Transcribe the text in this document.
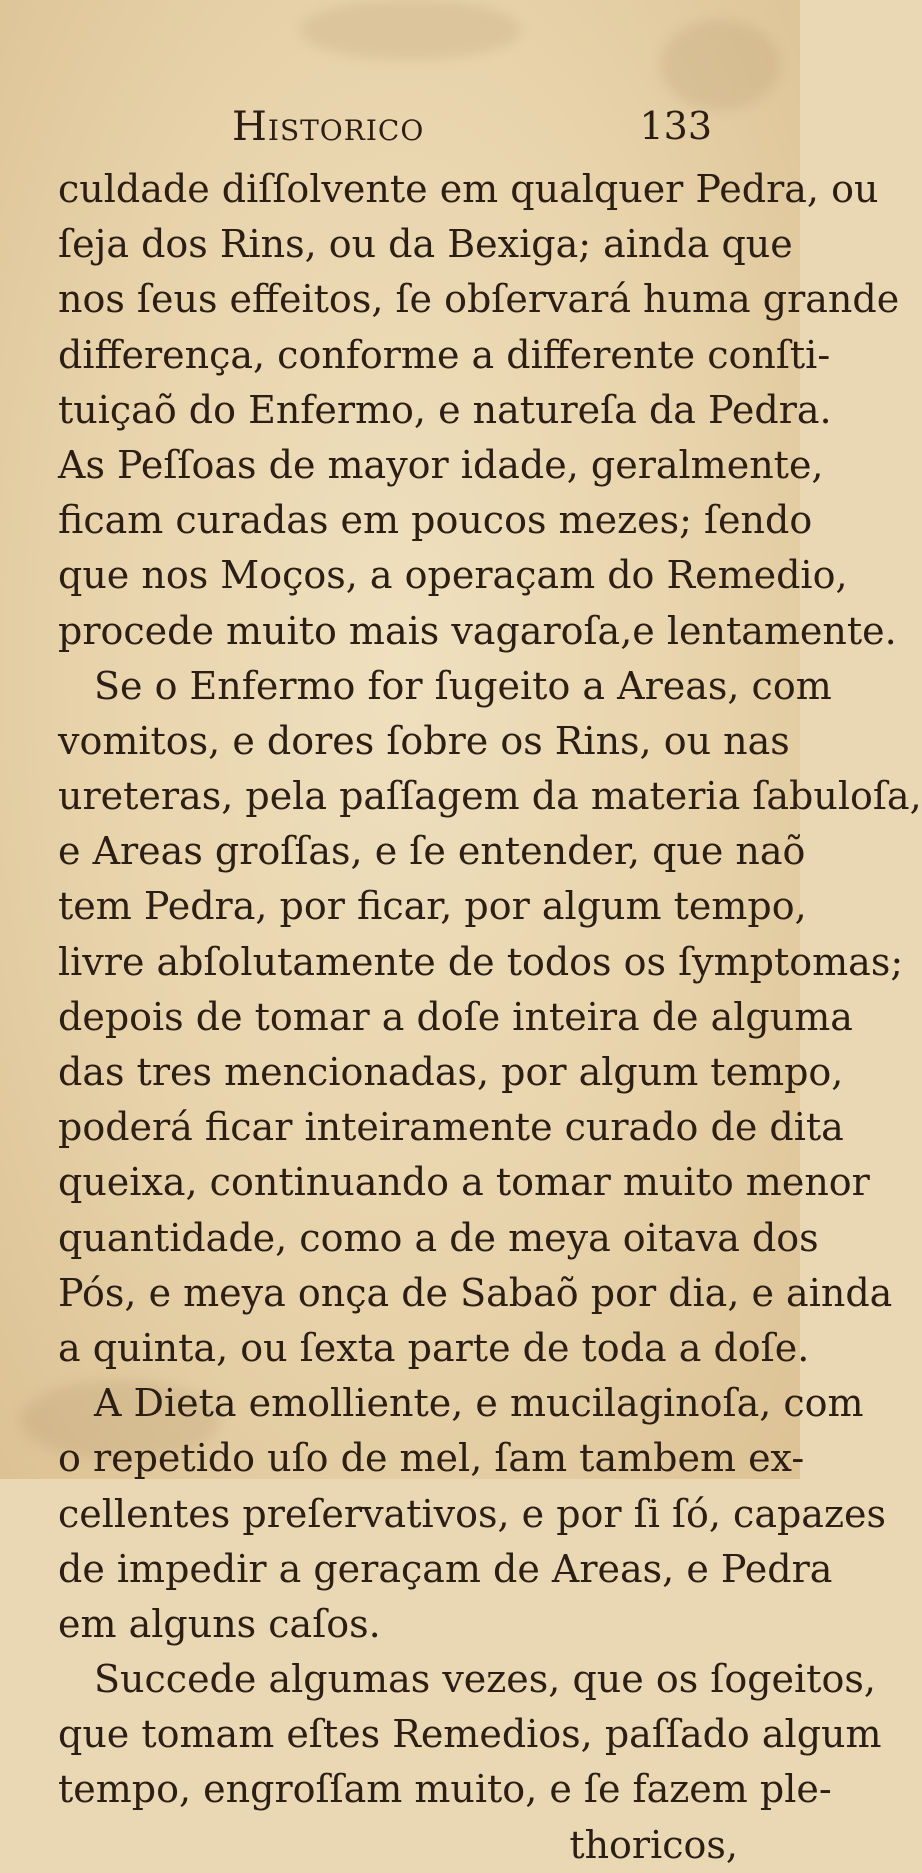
Historico	133
culdade diſſolvente em qualquer Pedra, ou
ſeja dos Rins, ou da Bexiga; ainda que
nos ſeus effeitos, ſe obſervará huma grande
differença, conforme a differente conſti-
tuiçaõ do Enfermo, e natureſa da Pedra.
As Peſſoas de mayor idade, geralmente,
ficam curadas em poucos mezes; ſendo
que nos Moços, a operaçam do Remedio,
procede muito mais vagaroſa,e lentamente.
Se o Enfermo for ſugeito a Areas, com
vomitos, e dores ſobre os Rins, ou nas
ureteras, pela paſſagem da materia ſabuloſa,
e Areas groſſas, e ſe entender, que naõ
tem Pedra, por ficar, por algum tempo,
livre abſolutamente de todos os ſymptomas;
depois de tomar a doſe inteira de alguma
das tres mencionadas, por algum tempo,
poderá ficar inteiramente curado de dita
queixa, continuando a tomar muito menor
quantidade, como a de meya oitava dos
Pós, e meya onça de Sabaõ por dia, e ainda
a quinta, ou ſexta parte de toda a doſe.
A Dieta emolliente, e mucilaginoſa, com
o repetido uſo de mel, ſam tambem ex-
cellentes preſervativos, e por ſi ſó, capazes
de impedir a geraçam de Areas, e Pedra
em alguns caſos.
Succede algumas vezes, que os ſogeitos,
que tomam eſtes Remedios, paſſado algum
tempo, engroſſam muito, e ſe fazem ple-
thoricos,
